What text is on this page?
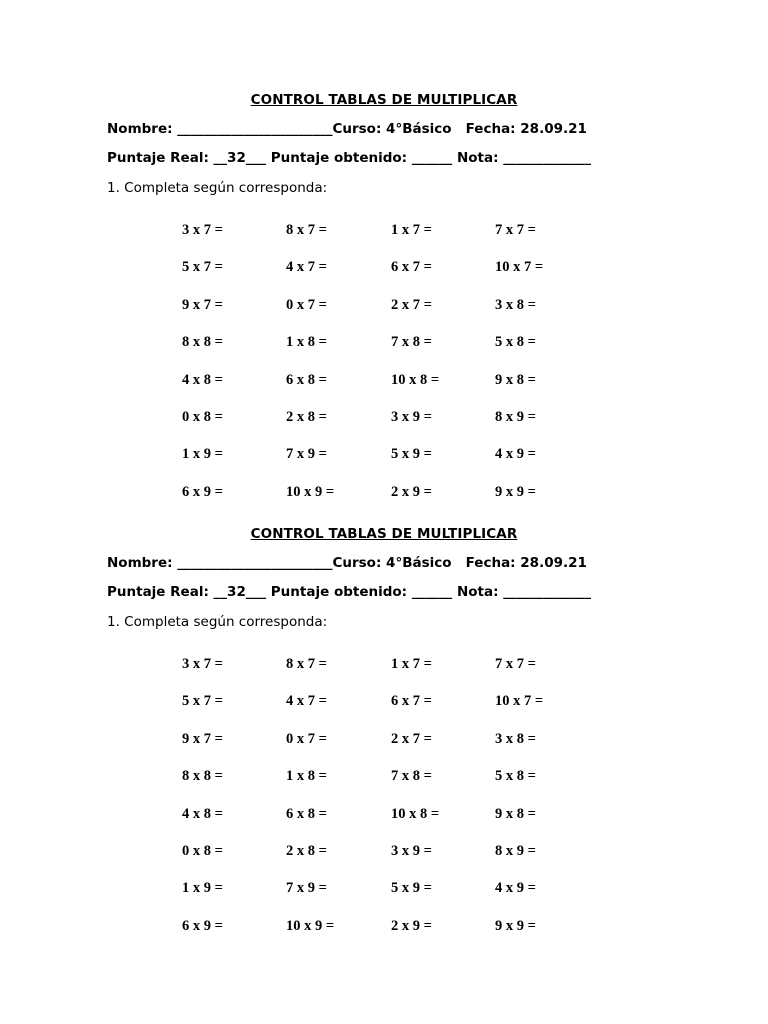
CONTROL TABLAS DE MULTIPLICAR
Nombre: _______________________Curso: 4°Básico   Fecha: 28.09.21
Puntaje Real: __32___ Puntaje obtenido: ______ Nota: _____________
1. Completa según corresponda:
3 x 7 =	8 x 7 =	1 x 7 =	7 x 7 =
5 x 7 =	4 x 7 =	6 x 7 =	10 x 7 =
9 x 7 =	0 x 7 =	2 x 7 =	3 x 8 =
8 x 8 =	1 x 8 =	7 x 8 =	5 x 8 =
4 x 8 =	6 x 8 =	10 x 8 =	9 x 8 =
0 x 8 =	2 x 8 =	3 x 9 =	8 x 9 =
1 x 9 =	7 x 9 =	5 x 9 =	4 x 9 =
6 x 9 =	10 x 9 =	2 x 9 =	9 x 9 =
CONTROL TABLAS DE MULTIPLICAR
Nombre: _______________________Curso: 4°Básico   Fecha: 28.09.21
Puntaje Real: __32___ Puntaje obtenido: ______ Nota: _____________
1. Completa según corresponda:
3 x 7 =	8 x 7 =	1 x 7 =	7 x 7 =
5 x 7 =	4 x 7 =	6 x 7 =	10 x 7 =
9 x 7 =	0 x 7 =	2 x 7 =	3 x 8 =
8 x 8 =	1 x 8 =	7 x 8 =	5 x 8 =
4 x 8 =	6 x 8 =	10 x 8 =	9 x 8 =
0 x 8 =	2 x 8 =	3 x 9 =	8 x 9 =
1 x 9 =	7 x 9 =	5 x 9 =	4 x 9 =
6 x 9 =	10 x 9 =	2 x 9 =	9 x 9 =
